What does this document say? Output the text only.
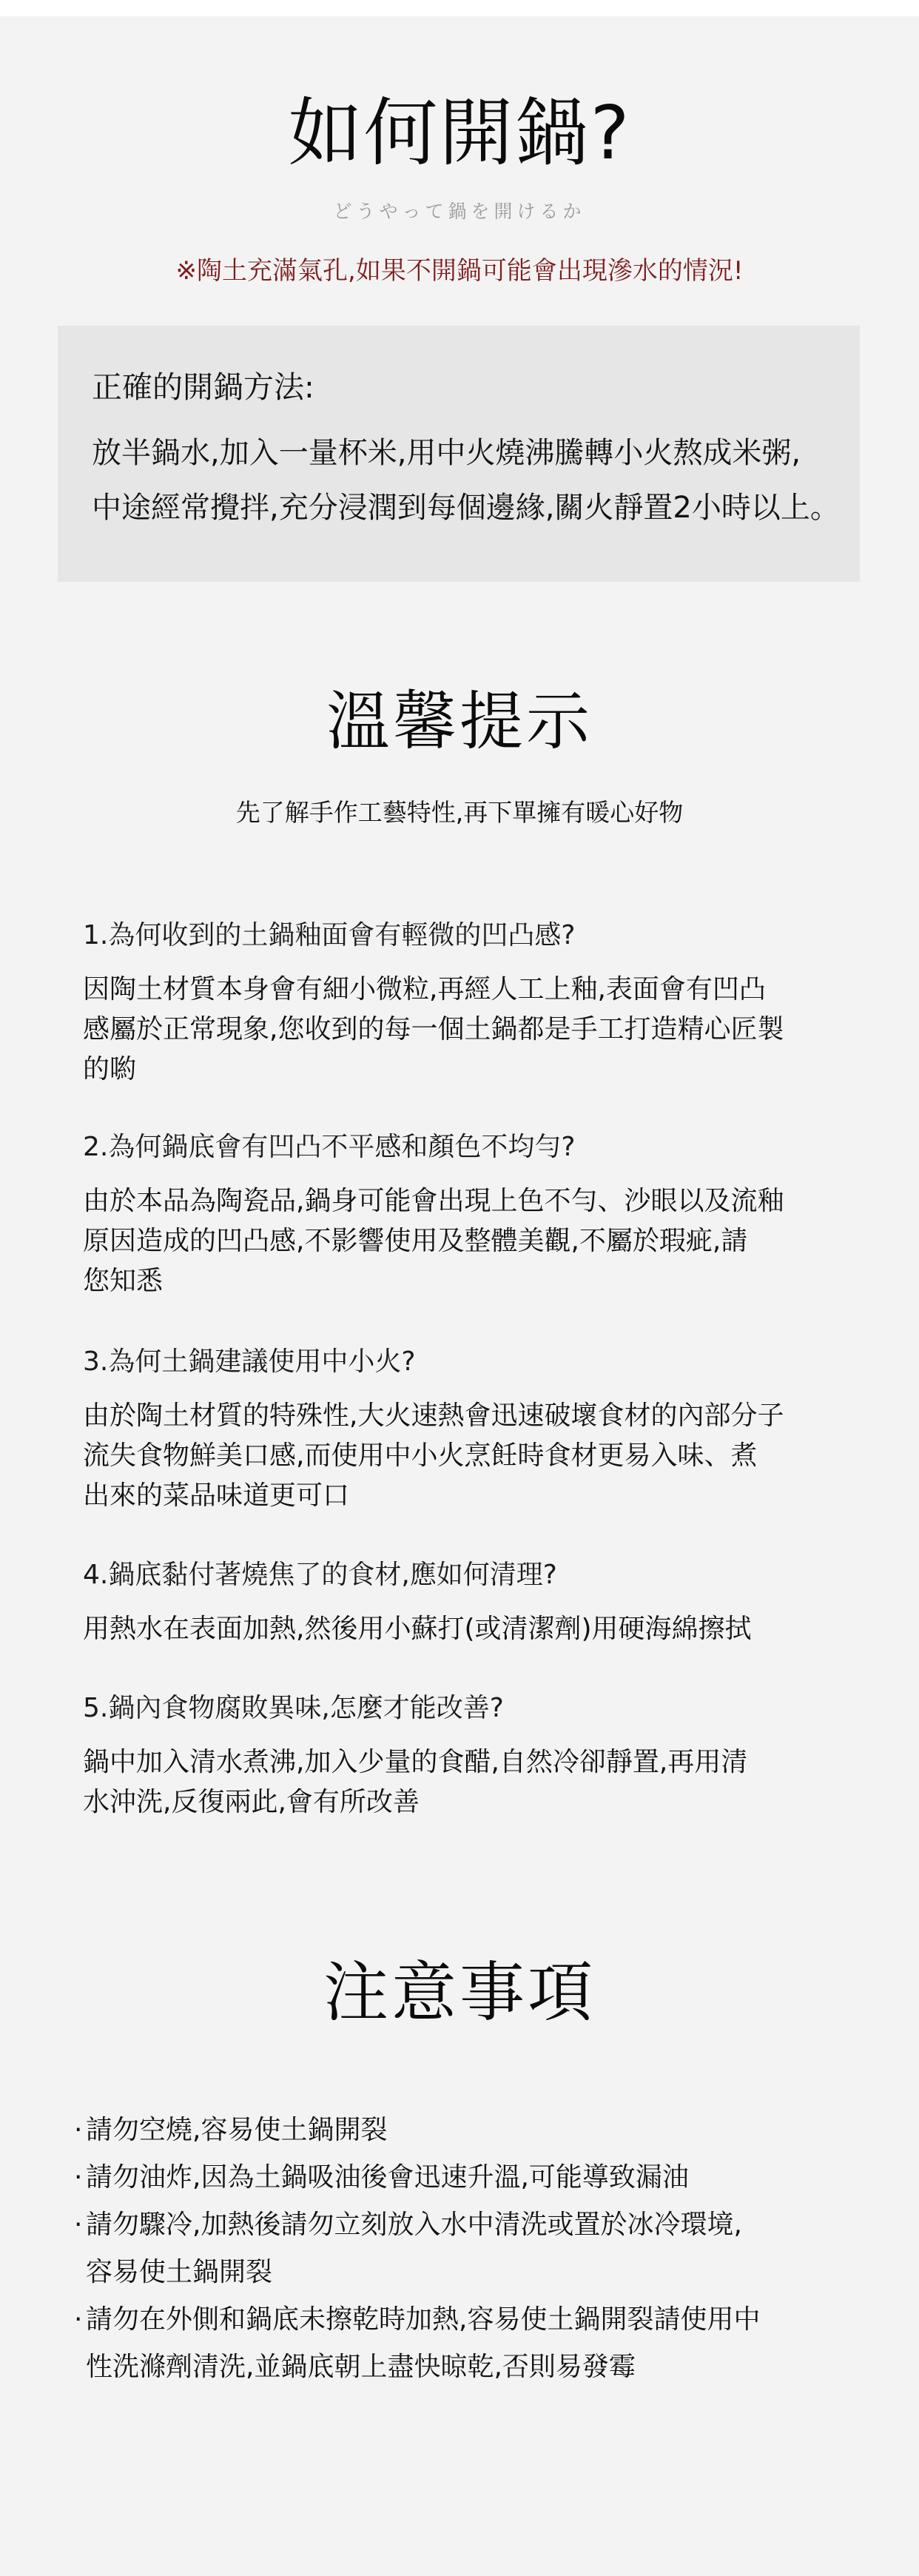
如何開鍋?
どうやって鍋を開けるか
※陶土充滿氣孔,如果不開鍋可能會出現滲水的情況!
正確的開鍋方法:
放半鍋水,加入一量杯米,用中火燒沸騰轉小火熬成米粥,
中途經常攪拌,充分浸潤到每個邊緣,關火靜置2小時以上。
溫馨提示
先了解手作工藝特性,再下單擁有暖心好物
1.為何收到的土鍋釉面會有輕微的凹凸感?
因陶土材質本身會有細小微粒,再經人工上釉,表面會有凹凸
感屬於正常現象,您收到的每一個土鍋都是手工打造精心匠製
的喲
2.為何鍋底會有凹凸不平感和顏色不均勻?
由於本品為陶瓷品,鍋身可能會出現上色不勻、沙眼以及流釉
原因造成的凹凸感,不影響使用及整體美觀,不屬於瑕疵,請
您知悉
3.為何土鍋建議使用中小火?
由於陶土材質的特殊性,大火速熱會迅速破壞食材的內部分子
流失食物鮮美口感,而使用中小火烹飪時食材更易入味、煮
出來的菜品味道更可口
4.鍋底黏付著燒焦了的食材,應如何清理?
用熱水在表面加熱,然後用小蘇打(或清潔劑)用硬海綿擦拭
5.鍋內食物腐敗異味,怎麼才能改善?
鍋中加入清水煮沸,加入少量的食醋,自然冷卻靜置,再用清
水沖洗,反復兩此,會有所改善
注意事項
· 請勿空燒,容易使土鍋開裂
· 請勿油炸,因為土鍋吸油後會迅速升溫,可能導致漏油
· 請勿驟冷,加熱後請勿立刻放入水中清洗或置於冰冷環境,
容易使土鍋開裂
· 請勿在外側和鍋底未擦乾時加熱,容易使土鍋開裂請使用中
性洗滌劑清洗,並鍋底朝上盡快晾乾,否則易發霉
